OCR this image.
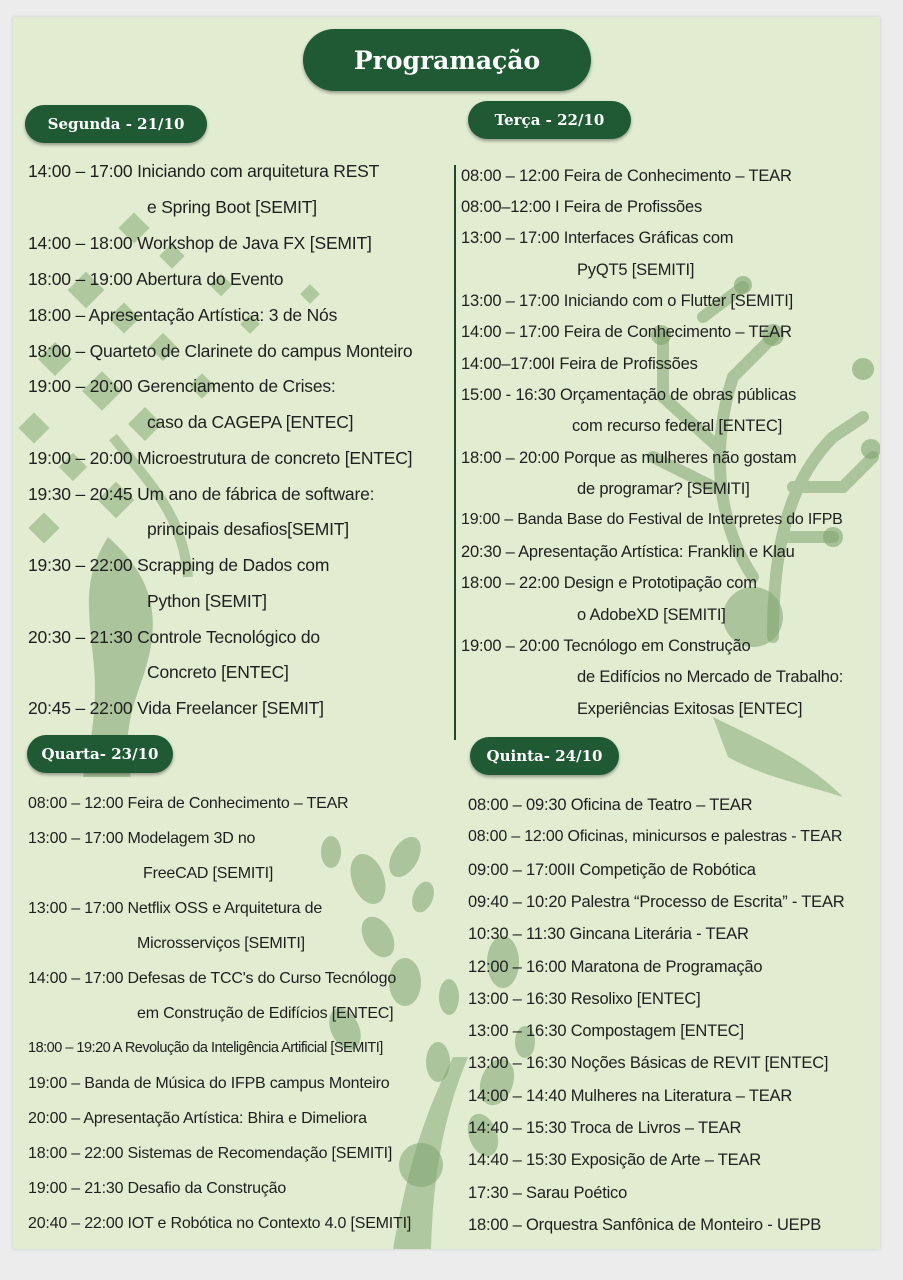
Programação
Segunda - 21/10	Terça - 22/10
Quarta- 23/10	Quinta- 24/10
14:00 – 17:00 Iniciando com arquitetura REST
e Spring Boot [SEMIT]
14:00 – 18:00 Workshop de Java FX [SEMIT]
18:00 – 19:00 Abertura do Evento
18:00 – Apresentação Artística: 3 de Nós
18:00 – Quarteto de Clarinete do campus Monteiro
19:00 – 20:00 Gerenciamento de Crises:
caso da CAGEPA [ENTEC]
19:00 – 20:00 Microestrutura de concreto [ENTEC]
19:30 – 20:45 Um ano de fábrica de software:
principais desafios[SEMIT]
19:30 – 22:00 Scrapping de Dados com
Python [SEMIT]
20:30 – 21:30 Controle Tecnológico do
Concreto [ENTEC]
20:45 – 22:00 Vida Freelancer [SEMIT]
08:00 – 12:00 Feira de Conhecimento – TEAR
08:00–12:00 I Feira de Profissões
13:00 – 17:00 Interfaces Gráficas com
PyQT5 [SEMITI]
13:00 – 17:00 Iniciando com o Flutter [SEMITI]
14:00 – 17:00 Feira de Conhecimento – TEAR
14:00–17:00I Feira de Profissões
15:00 - 16:30 Orçamentação de obras públicas
com recurso federal [ENTEC]
18:00 – 20:00 Porque as mulheres não gostam
de programar? [SEMITI]
19:00 – Banda Base do Festival de Interpretes do IFPB
20:30 – Apresentação Artística: Franklin e Klau
18:00 – 22:00 Design e Prototipação com
o AdobeXD [SEMITI]
19:00 – 20:00 Tecnólogo em Construção
de Edifícios no Mercado de Trabalho:
Experiências Exitosas [ENTEC]
08:00 – 12:00 Feira de Conhecimento – TEAR
13:00 – 17:00 Modelagem 3D no
FreeCAD [SEMITI]
13:00 – 17:00 Netflix OSS e Arquitetura de
Microsserviços [SEMITI]
14:00 – 17:00 Defesas de TCC's do Curso Tecnólogo
em Construção de Edifícios [ENTEC]
18:00 – 19:20 A Revolução da Inteligência Artificial [SEMITI]
19:00 – Banda de Música do IFPB campus Monteiro
20:00 – Apresentação Artística: Bhira e Dimeliora
18:00 – 22:00 Sistemas de Recomendação [SEMITI]
19:00 – 21:30 Desafio da Construção
20:40 – 22:00 IOT e Robótica no Contexto 4.0 [SEMITI]
08:00 – 09:30 Oficina de Teatro – TEAR
08:00 – 12:00 Oficinas, minicursos e palestras - TEAR
09:00 – 17:00II Competição de Robótica
09:40 – 10:20 Palestra “Processo de Escrita” - TEAR
10:30 – 11:30 Gincana Literária - TEAR
12:00 – 16:00 Maratona de Programação
13:00 – 16:30 Resolixo [ENTEC]
13:00 – 16:30 Compostagem [ENTEC]
13:00 – 16:30 Noções Básicas de REVIT [ENTEC]
14:00 – 14:40 Mulheres na Literatura – TEAR
14:40 – 15:30 Troca de Livros – TEAR
14:40 – 15:30 Exposição de Arte – TEAR
17:30 – Sarau Poético
18:00 – Orquestra Sanfônica de Monteiro - UEPB
